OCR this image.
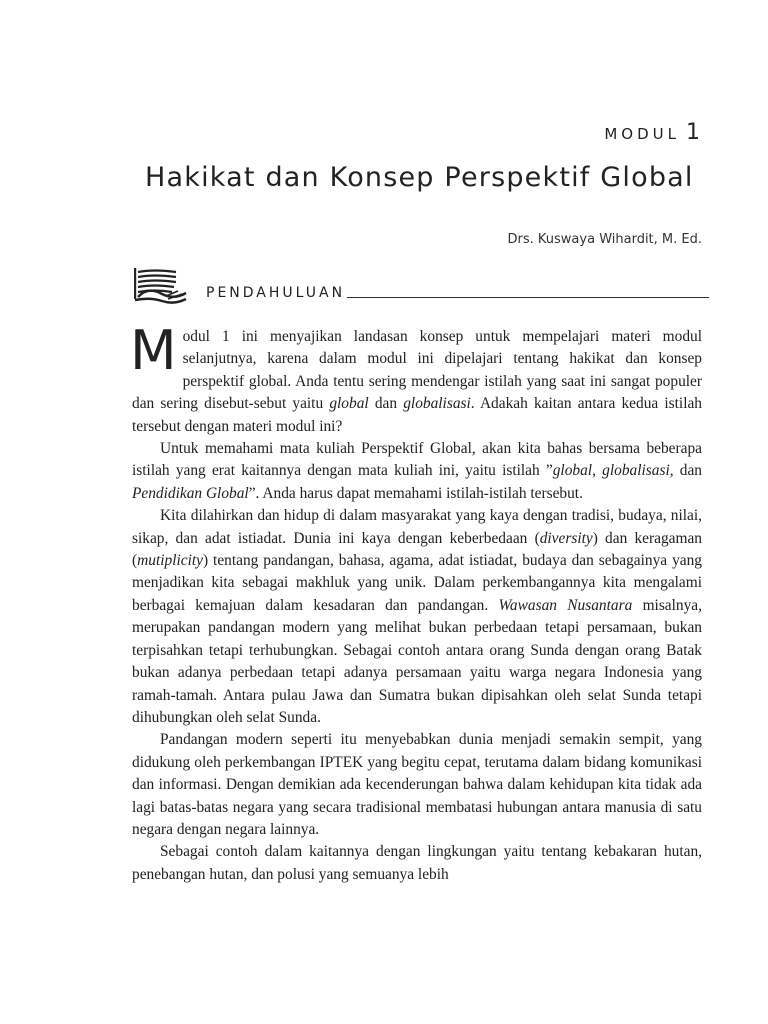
MODUL 1
Hakikat dan Konsep Perspektif Global
Drs. Kuswaya Wihardit, M. Ed.
PENDAHULUAN

Modul 1 ini menyajikan landasan konsep untuk mempelajari materi modul selanjutnya, karena dalam modul ini dipelajari tentang hakikat dan konsep perspektif global. Anda tentu sering mendengar istilah yang saat ini sangat populer dan sering disebut-sebut yaitu global dan globalisasi. Adakah kaitan antara kedua istilah tersebut dengan materi modul ini?

Untuk memahami mata kuliah Perspektif Global, akan kita bahas bersama beberapa istilah yang erat kaitannya dengan mata kuliah ini, yaitu istilah ”global, globalisasi, dan Pendidikan Global”. Anda harus dapat memahami istilah-istilah tersebut.

Kita dilahirkan dan hidup di dalam masyarakat yang kaya dengan tradisi, budaya, nilai, sikap, dan adat istiadat. Dunia ini kaya dengan keberbedaan (diversity) dan keragaman (mutiplicity) tentang pandangan, bahasa, agama, adat istiadat, budaya dan sebagainya yang menjadikan kita sebagai makhluk yang unik. Dalam perkembangannya kita mengalami berbagai kemajuan dalam kesadaran dan pandangan. Wawasan Nusantara misalnya, merupakan pandangan modern yang melihat bukan perbedaan tetapi persamaan, bukan terpisahkan tetapi terhubungkan. Sebagai contoh antara orang Sunda dengan orang Batak bukan adanya perbedaan tetapi adanya persamaan yaitu warga negara Indonesia yang ramah-tamah. Antara pulau Jawa dan Sumatra bukan dipisahkan oleh selat Sunda tetapi dihubungkan oleh selat Sunda.

Pandangan modern seperti itu menyebabkan dunia menjadi semakin sempit, yang didukung oleh perkembangan IPTEK yang begitu cepat, terutama dalam bidang komunikasi dan informasi. Dengan demikian ada kecenderungan bahwa dalam kehidupan kita tidak ada lagi batas-batas negara yang secara tradisional membatasi hubungan antara manusia di satu negara dengan negara lainnya.

Sebagai contoh dalam kaitannya dengan lingkungan yaitu tentang kebakaran hutan, penebangan hutan, dan polusi yang semuanya lebih
